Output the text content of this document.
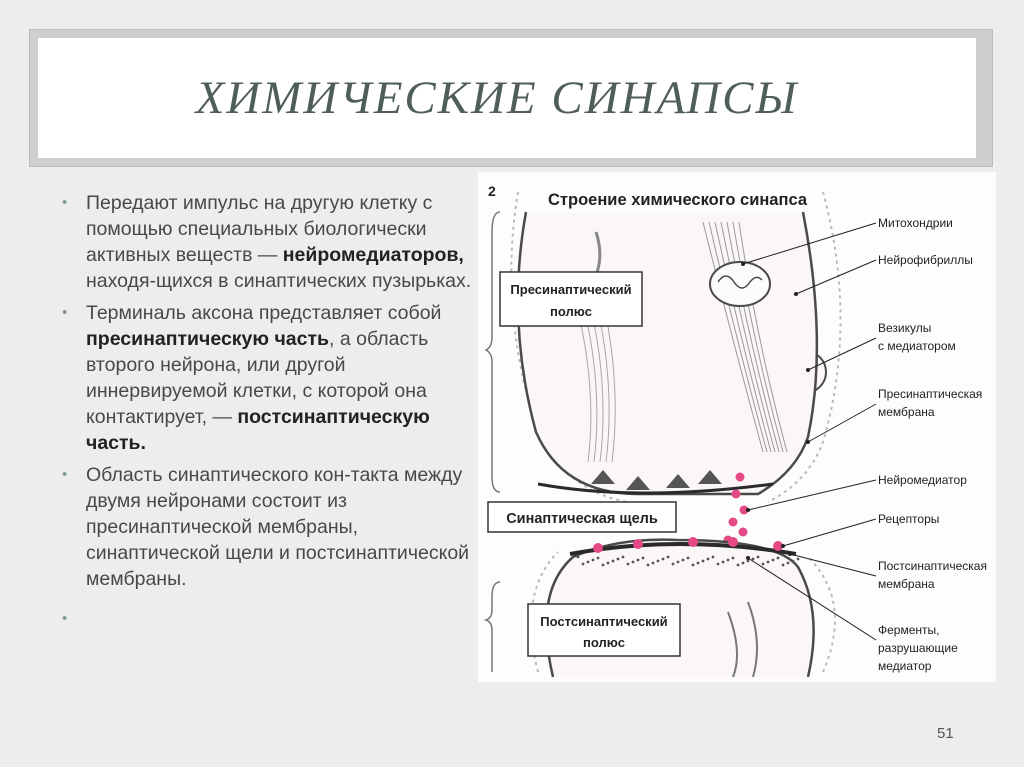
ХИМИЧЕСКИЕ СИНАПСЫ
• Передают импульс на другую клетку с помощью специальных биологически активных веществ — нейромедиаторов, находя-щихся в синаптических пузырьках.
• Терминаль аксона представляет собой пресинаптическую часть, а область второго нейрона, или другой иннервируемой клетки, с которой она контактирует, — постсинаптическую часть.
• Область синаптического кон-такта между двумя нейронами состоит из пресинаптической мембраны, синаптической щели и постсинаптической мембраны.
•
Пресинаптический
полюс
Синаптическая щель
Постсинаптический
полюс
2	Строение химического синапса
Митохондрии
Нейрофибриллы
Везикулы
с медиатором
Пресинаптическая
мембрана
Нейромедиатор
Рецепторы
Постсинаптическая
мембрана
Ферменты,
разрушающие
медиатор
51
